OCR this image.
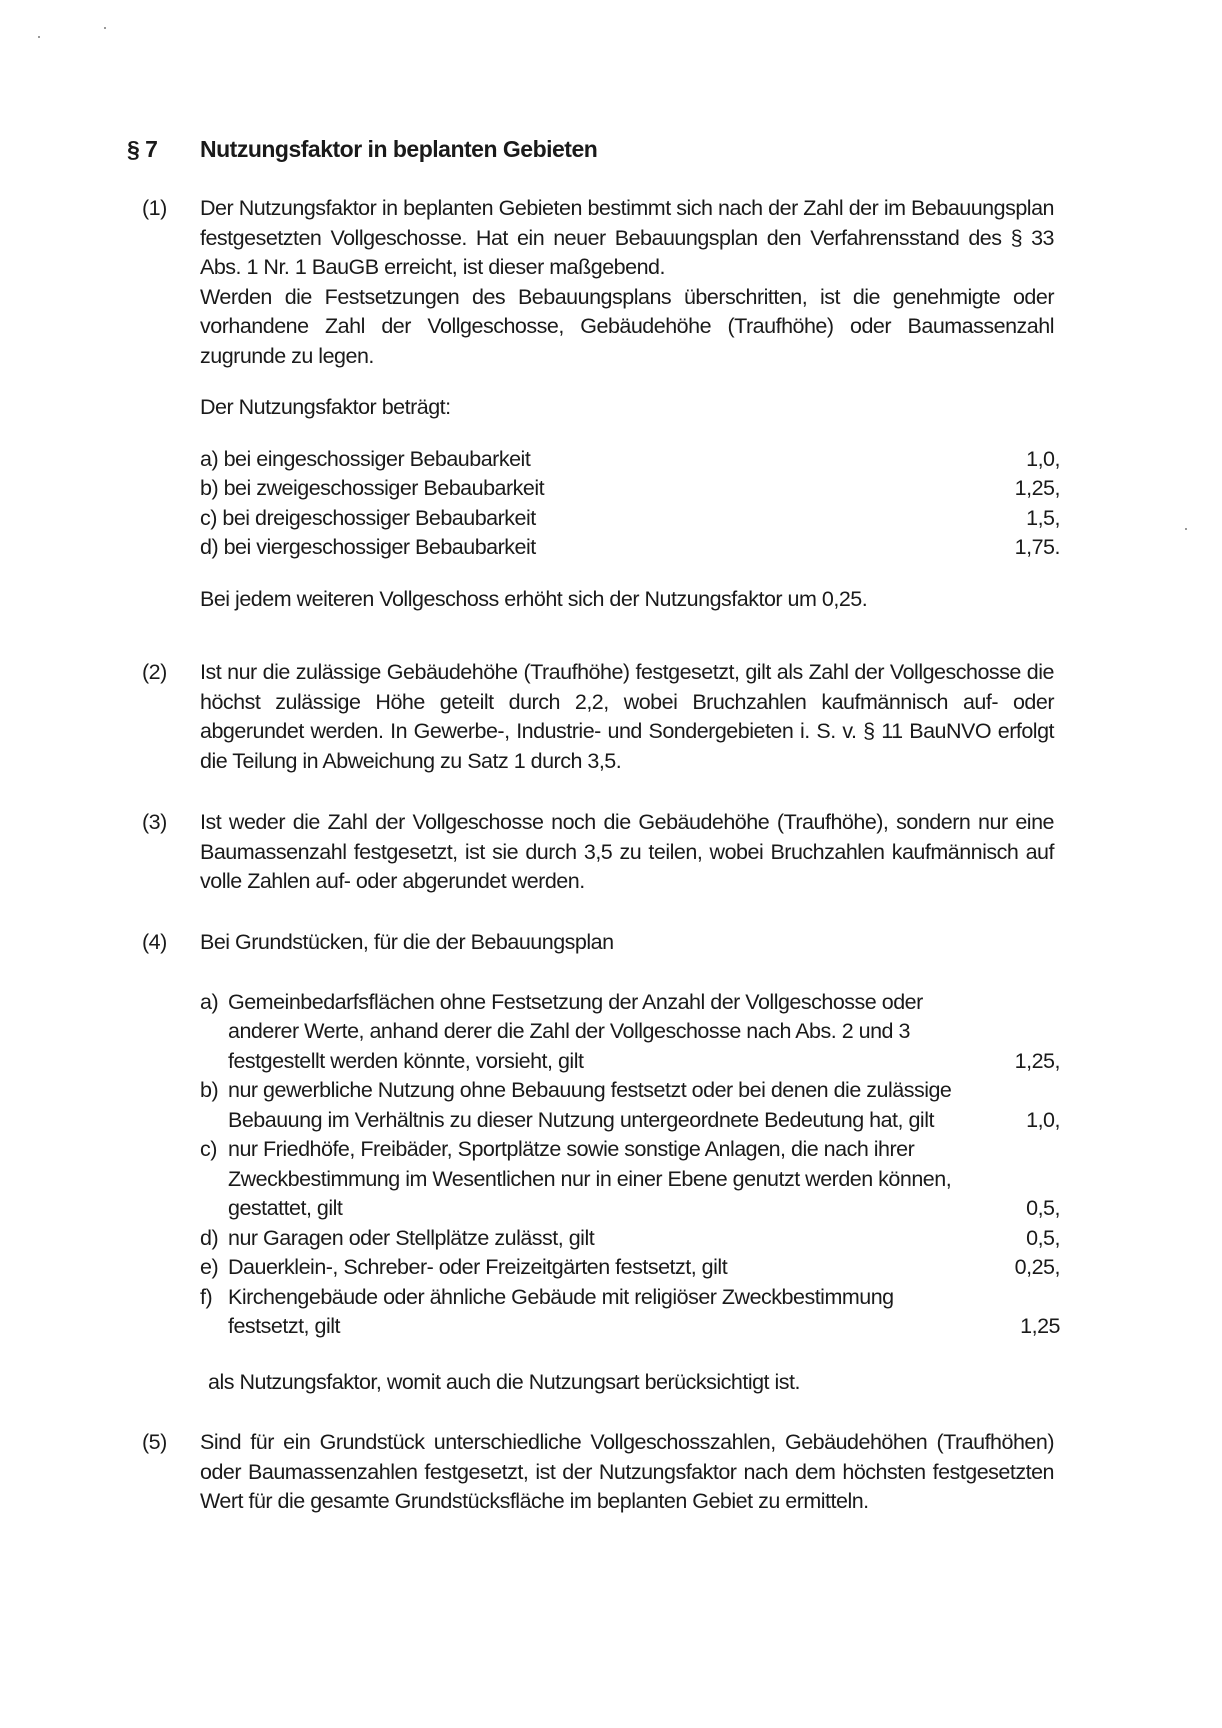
§ 7 Nutzungsfaktor in beplanten Gebieten
(1)	Der Nutzungsfaktor in beplanten Gebieten bestimmt sich nach der Zahl der im Bebauungsplan festgesetzten Vollgeschosse. Hat ein neuer Bebauungsplan den Verfahrensstand des § 33 Abs. 1 Nr. 1 BauGB erreicht, ist dieser maßgebend.

Werden die Festsetzungen des Bebauungsplans überschritten, ist die genehmigte oder vorhandene Zahl der Vollgeschosse, Gebäudehöhe (Traufhöhe) oder Baumassenzahl zugrunde zu legen.

Der Nutzungsfaktor beträgt:

a) bei eingeschossiger Bebaubarkeit	1,0,
b) bei zweigeschossiger Bebaubarkeit	1,25,
c) bei dreigeschossiger Bebaubarkeit	1,5,
d) bei viergeschossiger Bebaubarkeit	1,75.

Bei jedem weiteren Vollgeschoss erhöht sich der Nutzungsfaktor um 0,25.

(2)	Ist nur die zulässige Gebäudehöhe (Traufhöhe) festgesetzt, gilt als Zahl der Vollgeschosse die höchst zulässige Höhe geteilt durch 2,2, wobei Bruchzahlen kaufmännisch auf- oder abgerundet werden. In Gewerbe-, Industrie- und Sondergebieten i. S. v. § 11 BauNVO erfolgt die Teilung in Abweichung zu Satz 1 durch 3,5.

(3)	Ist weder die Zahl der Vollgeschosse noch die Gebäudehöhe (Traufhöhe), sondern nur eine Baumassenzahl festgesetzt, ist sie durch 3,5 zu teilen, wobei Bruchzahlen kaufmännisch auf volle Zahlen auf- oder abgerundet werden.

(4)	Bei Grundstücken, für die der Bebauungsplan

a) Gemeinbedarfsflächen ohne Festsetzung der Anzahl der Vollgeschosse oder
anderer Werte, anhand derer die Zahl der Vollgeschosse nach Abs. 2 und 3
festgestellt werden könnte, vorsieht, gilt	1,25,
b) nur gewerbliche Nutzung ohne Bebauung festsetzt oder bei denen die zulässige
Bebauung im Verhältnis zu dieser Nutzung untergeordnete Bedeutung hat, gilt	1,0,
c) nur Friedhöfe, Freibäder, Sportplätze sowie sonstige Anlagen, die nach ihrer
Zweckbestimmung im Wesentlichen nur in einer Ebene genutzt werden können,
gestattet, gilt	0,5,
d) nur Garagen oder Stellplätze zulässt, gilt	0,5,
e) Dauerklein-, Schreber- oder Freizeitgärten festsetzt, gilt	0,25,
f) Kirchengebäude oder ähnliche Gebäude mit religiöser Zweckbestimmung
festsetzt, gilt	1,25

als Nutzungsfaktor, womit auch die Nutzungsart berücksichtigt ist.

(5)	Sind für ein Grundstück unterschiedliche Vollgeschosszahlen, Gebäudehöhen (Traufhöhen) oder Baumassenzahlen festgesetzt, ist der Nutzungsfaktor nach dem höchsten festgesetzten Wert für die gesamte Grundstücksfläche im beplanten Gebiet zu ermitteln.
